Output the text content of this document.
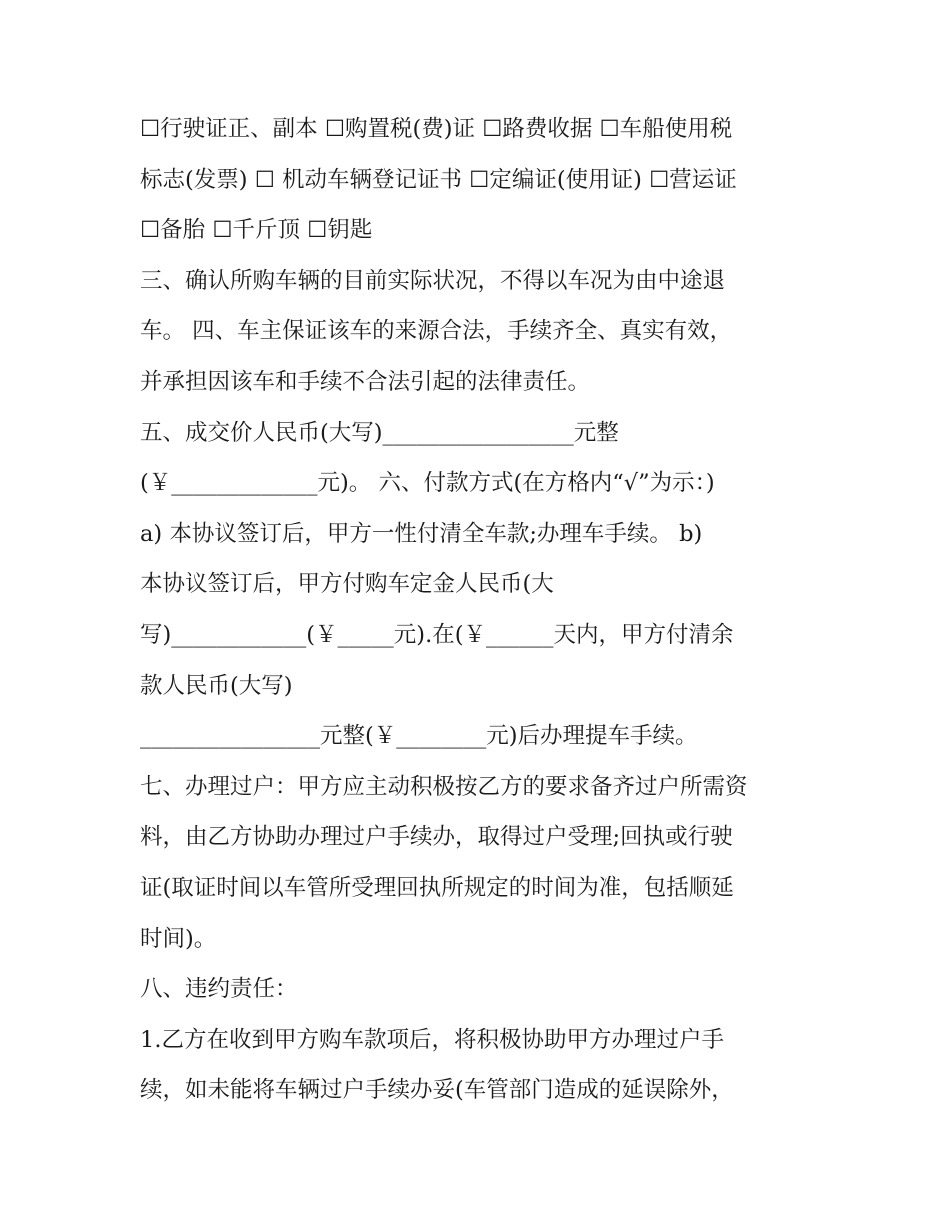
☐行驶证正、副本 ☐购置税(费)证 ☐路费收据 ☐车船使用税
标志(发票) ☐ 机动车辆登记证书 ☐定编证(使用证) ☐营运证
☐备胎 ☐千斤顶 ☐钥匙
三、确认所购车辆的目前实际状况，不得以车况为由中途退
车。 四、车主保证该车的来源合法，手续齐全、真实有效，
并承担因该车和手续不合法引起的法律责任。
五、成交价人民币(大写)_________________元整
(￥_____________元)。 六、付款方式(在方格内“√”为示：)
a) 本协议签订后，甲方一性付清全车款;办理车手续。 b)
本协议签订后，甲方付购车定金人民币(大
写)____________(￥_____元).在(￥______天内，甲方付清余
款人民币(大写)
________________元整(￥________元)后办理提车手续。
七、办理过户：甲方应主动积极按乙方的要求备齐过户所需资
料，由乙方协助办理过户手续办，取得过户受理;回执或行驶
证(取证时间以车管所受理回执所规定的时间为准，包括顺延
时间)。
八、违约责任：
1.乙方在收到甲方购车款项后，将积极协助甲方办理过户手
续，如未能将车辆过户手续办妥(车管部门造成的延误除外，
